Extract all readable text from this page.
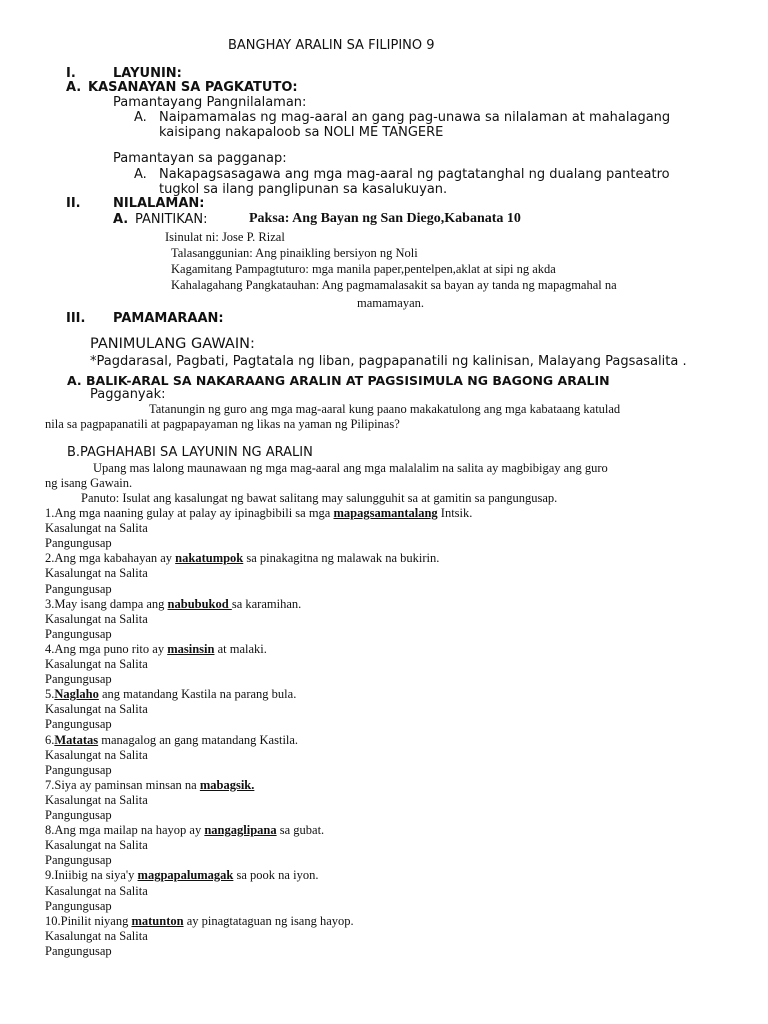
BANGHAY ARALIN SA FILIPINO 9
I.	LAYUNIN:
A. KASANAYAN SA PAGKATUTO:
Pamantayang Pangnilalaman:
A. Naipamamalas ng mag-aaral an gang pag-unawa sa nilalaman at mahalagang
kaisipang nakapaloob sa NOLI ME TANGERE
Pamantayan sa pagganap:
A. Nakapagsasagawa ang mga mag-aaral ng pagtatanghal ng dualang panteatro
tugkol sa ilang panglipunan sa kasalukuyan.
II. NILALAMAN:
A. PANITIKAN:	Paksa: Ang Bayan ng San Diego,Kabanata 10
Isinulat ni: Jose P. Rizal
Talasanggunian: Ang pinaikling bersiyon ng Noli
Kagamitang Pampagtuturo: mga manila paper,pentelpen,aklat at sipi ng akda
Kahalagahang Pangkatauhan: Ang pagmamalasakit sa bayan ay tanda ng mapagmahal na
mamamayan.
III. PAMAMARAAN:
PANIMULANG GAWAIN:
*Pagdarasal, Pagbati, Pagtatala ng liban, pagpapanatili ng kalinisan, Malayang Pagsasalita .
A. BALIK-ARAL SA NAKARAANG ARALIN AT PAGSISIMULA NG BAGONG ARALIN
Pagganyak:
Tatanungin ng guro ang mga mag-aaral kung paano makakatulong ang mga kabataang katulad
nila sa pagpapanatili at pagpapayaman ng likas na yaman ng Pilipinas?
B.PAGHAHABI SA LAYUNIN NG ARALIN
Upang mas lalong maunawaan ng mga mag-aaral ang mga malalalim na salita ay magbibigay ang guro
ng isang Gawain.
Panuto: Isulat ang kasalungat ng bawat salitang may salungguhit sa at gamitin sa pangungusap.
1.Ang mga naaning gulay at palay ay ipinagbibili sa mga mapagsamantalang Intsik.
Kasalungat na Salita
Pangungusap
2.Ang mga kabahayan ay nakatumpok sa pinakagitna ng malawak na bukirin.
Kasalungat na Salita
Pangungusap
3.May isang dampa ang nabubukod sa karamihan.
Kasalungat na Salita
Pangungusap
4.Ang mga puno rito ay masinsin at malaki.
Kasalungat na Salita
Pangungusap
5.Naglaho ang matandang Kastila na parang bula.
Kasalungat na Salita
Pangungusap
6.Matatas managalog an gang matandang Kastila.
Kasalungat na Salita
Pangungusap
7.Siya ay paminsan minsan na mabagsik.
Kasalungat na Salita
Pangungusap
8.Ang mga mailap na hayop ay nangaglipana sa gubat.
Kasalungat na Salita
Pangungusap
9.Iniibig na siya'y magpapalumagak sa pook na iyon.
Kasalungat na Salita
Pangungusap
10.Pinilit niyang matunton ay pinagtataguan ng isang hayop.
Kasalungat na Salita
Pangungusap
